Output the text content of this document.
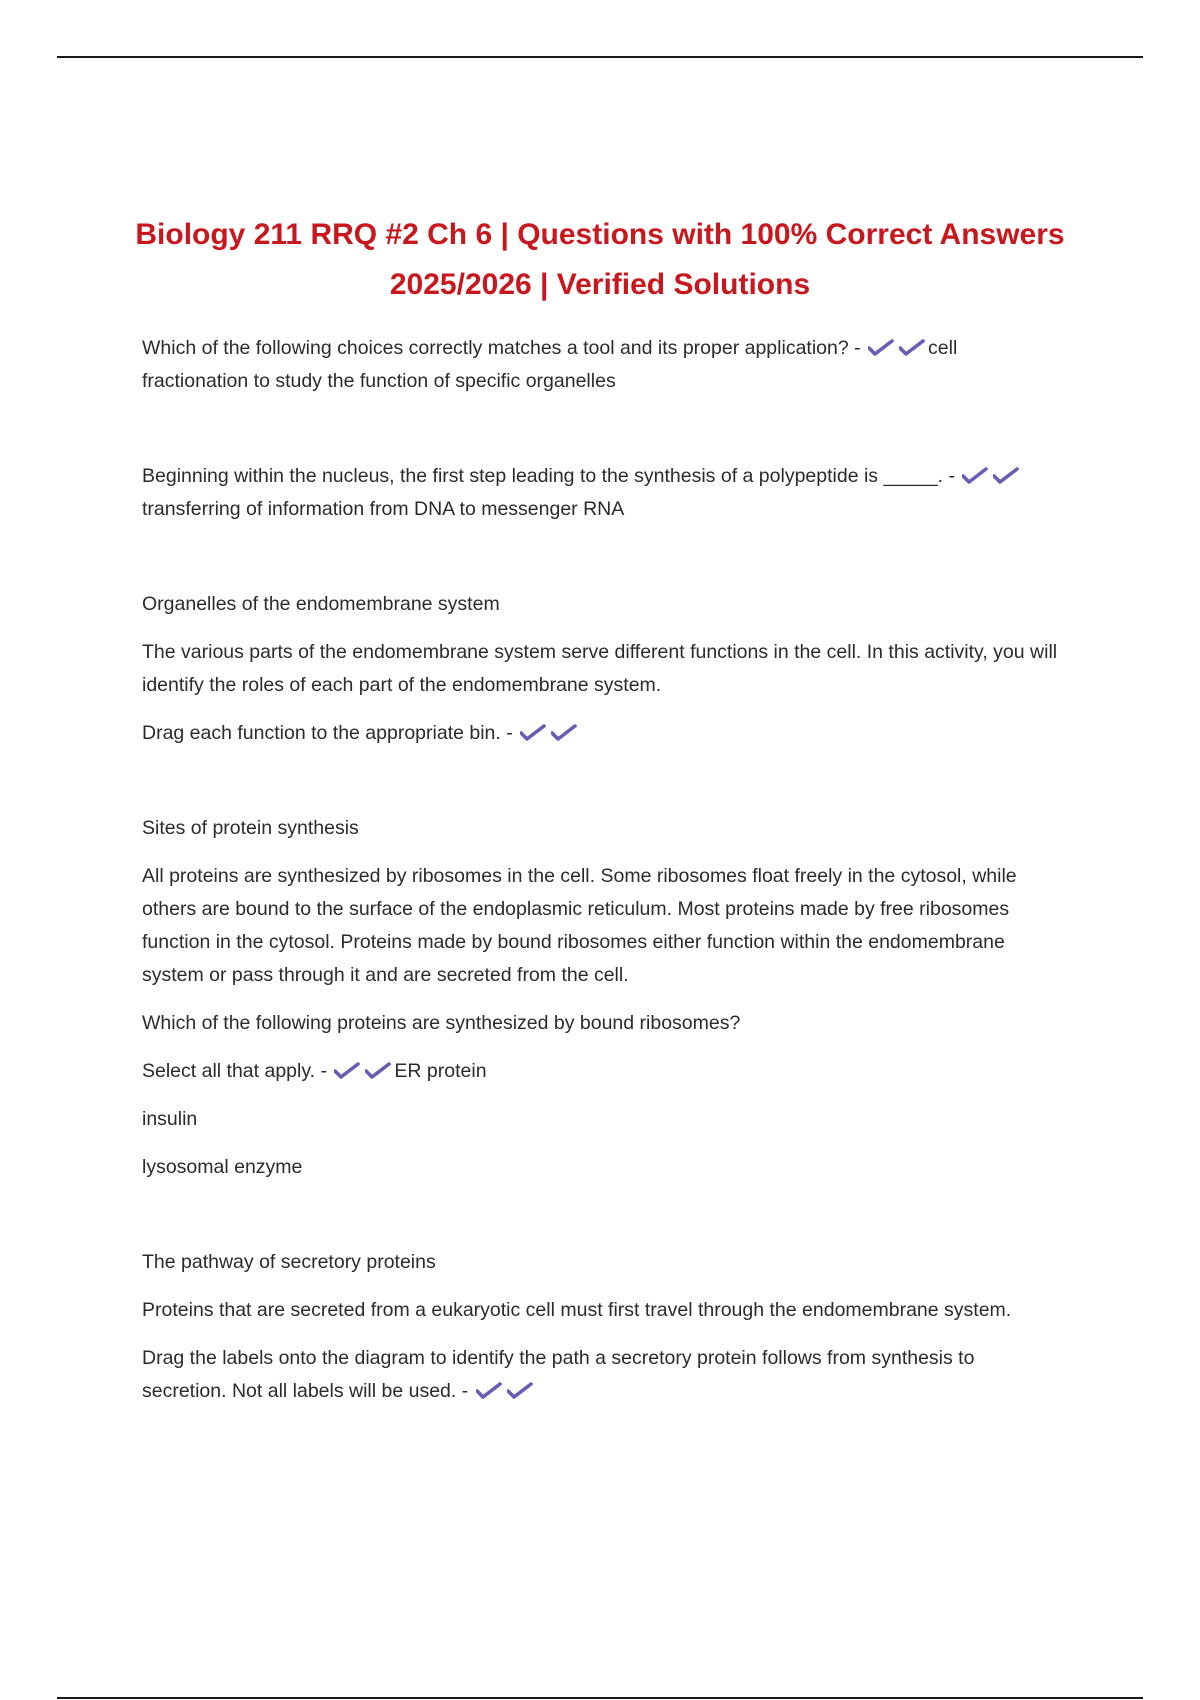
Biology 211 RRQ #2 Ch 6 | Questions with 100% Correct Answers 2025/2026 | Verified Solutions

Which of the following choices correctly matches a tool and its proper application? -	cell fractionation to study the function of specific organelles

Beginning within the nucleus, the first step leading to the synthesis of a polypeptide is _____. -
transferring of information from DNA to messenger RNA

Organelles of the endomembrane system

The various parts of the endomembrane system serve different functions in the cell. In this activity, you will identify the roles of each part of the endomembrane system.

Drag each function to the appropriate bin. -

Sites of protein synthesis

All proteins are synthesized by ribosomes in the cell. Some ribosomes float freely in the cytosol, while others are bound to the surface of the endoplasmic reticulum. Most proteins made by free ribosomes function in the cytosol. Proteins made by bound ribosomes either function within the endomembrane system or pass through it and are secreted from the cell.

Which of the following proteins are synthesized by bound ribosomes?

Select all that apply. -	ER protein

insulin

lysosomal enzyme

The pathway of secretory proteins

Proteins that are secreted from a eukaryotic cell must first travel through the endomembrane system.

Drag the labels onto the diagram to identify the path a secretory protein follows from synthesis to secretion. Not all labels will be used. -
